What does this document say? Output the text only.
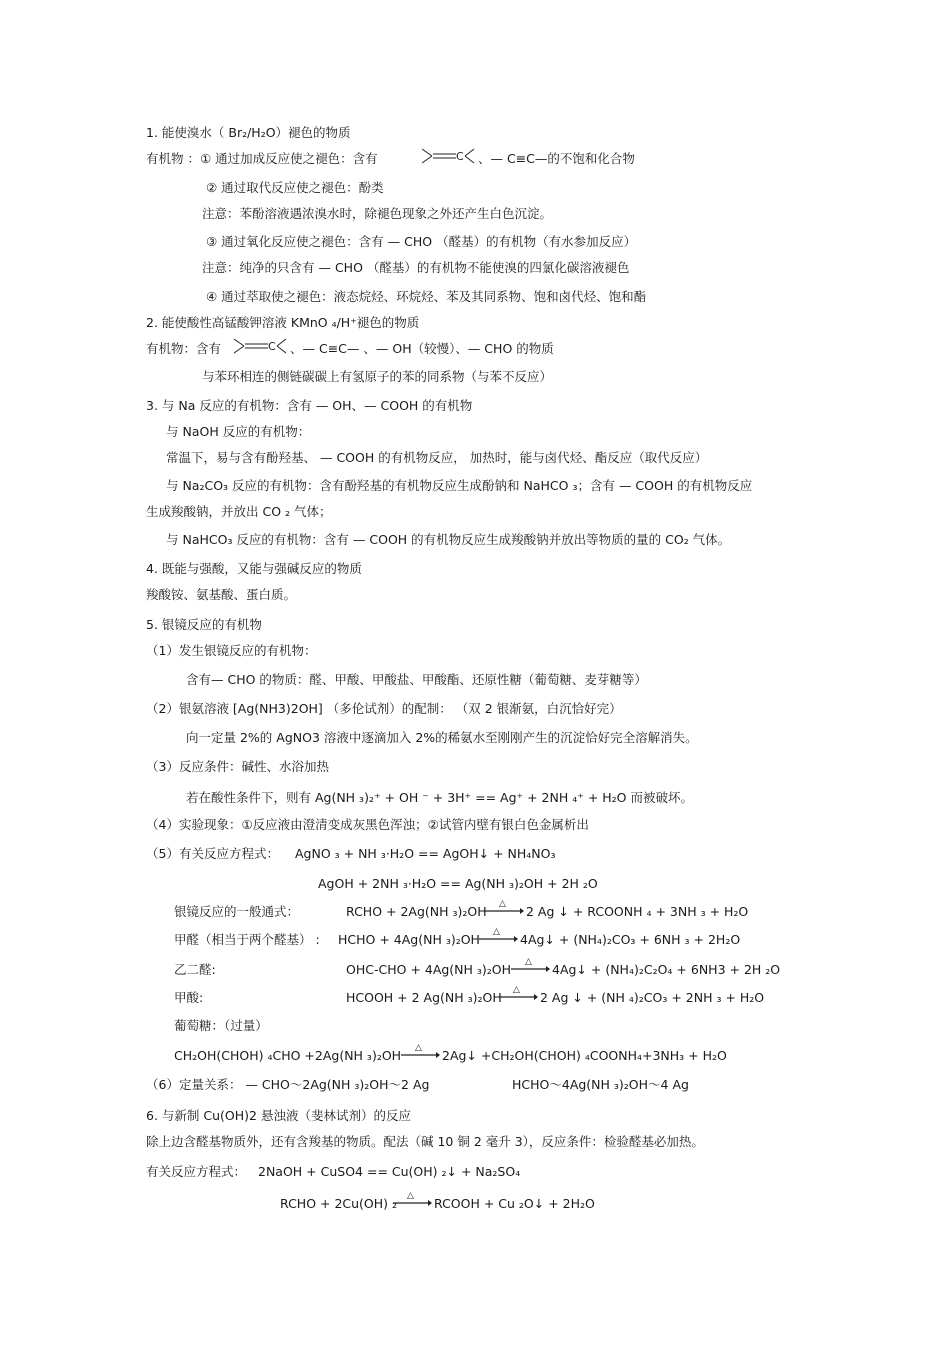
1. 能使溴水（ Br₂/H₂O）褪色的物质
有机物 ：① 通过加成反应使之褪色：含有	C 、— C≡C—的不饱和化合物
② 通过取代反应使之褪色：酚类
注意：苯酚溶液遇浓溴水时，除褪色现象之外还产生白色沉淀。
③ 通过氧化反应使之褪色：含有 — CHO （醛基）的有机物（有水参加反应）
注意：纯净的只含有 — CHO （醛基）的有机物不能使溴的四氯化碳溶液褪色
④ 通过萃取使之褪色：液态烷烃、环烷烃、苯及其同系物、饱和卤代烃、饱和酯
2. 能使酸性高锰酸钾溶液 KMnO ₄/H⁺褪色的物质
有机物：含有	C 、— C≡C— 、— OH（较慢）、— CHO 的物质
与苯环相连的侧链碳碳上有氢原子的苯的同系物（与苯不反应）
3. 与 Na 反应的有机物：含有 — OH、— COOH 的有机物
与 NaOH 反应的有机物：
常温下，易与含有酚羟基、 — COOH 的有机物反应， 加热时，能与卤代烃、酯反应（取代反应）
与 Na₂CO₃ 反应的有机物：含有酚羟基的有机物反应生成酚钠和 NaHCO ₃；含有 — COOH 的有机物反应
生成羧酸钠，并放出 CO ₂ 气体；
与 NaHCO₃ 反应的有机物：含有 — COOH 的有机物反应生成羧酸钠并放出等物质的量的 CO₂ 气体。
4. 既能与强酸，又能与强碱反应的物质
羧酸铵、氨基酸、蛋白质。
5. 银镜反应的有机物
（1）发生银镜反应的有机物：
含有— CHO 的物质：醛、甲酸、甲酸盐、甲酸酯、还原性糖（葡萄糖、麦芽糖等）
（2）银氨溶液 [Ag(NH3)2OH] （多伦试剂）的配制： （双 2 银渐氨，白沉恰好完）
向一定量 2%的 AgNO3 溶液中逐滴加入 2%的稀氨水至刚刚产生的沉淀恰好完全溶解消失。
（3）反应条件：碱性、水浴加热
若在酸性条件下，则有 Ag(NH ₃)₂⁺ + OH ⁻ + 3H⁺ == Ag⁺ + 2NH ₄⁺ + H₂O 而被破坏。
（4）实验现象：①反应液由澄清变成灰黑色浑浊；②试管内壁有银白色金属析出
（5）有关反应方程式： AgNO ₃ + NH ₃·H₂O == AgOH↓ + NH₄NO₃
AgOH + 2NH ₃·H₂O == Ag(NH ₃)₂OH + 2H ₂O
银镜反应的一般通式：	RCHO + 2Ag(NH ₃)₂OH △ 2 Ag ↓ + RCOONH ₄ + 3NH ₃ + H₂O
甲醛（相当于两个醛基） : HCHO + 4Ag(NH ₃)₂OH △ 4Ag↓ + (NH₄)₂CO₃ + 6NH ₃ + 2H₂O
乙二醛:	OHC-CHO + 4Ag(NH ₃)₂OH △ 4Ag↓ + (NH₄)₂C₂O₄ + 6NH3 + 2H ₂O
甲酸:	HCOOH + 2 Ag(NH ₃)₂OH △ 2 Ag ↓ + (NH ₄)₂CO₃ + 2NH ₃ + H₂O
葡萄糖：（过量）
CH₂OH(CHOH) ₄CHO +2Ag(NH ₃)₂OH △ 2Ag↓ +CH₂OH(CHOH) ₄COONH₄+3NH₃ + H₂O
（6）定量关系： — CHO～2Ag(NH ₃)₂OH～2 Ag	HCHO～4Ag(NH ₃)₂OH～4 Ag
6. 与新制 Cu(OH)2 悬浊液（斐林试剂）的反应
除上边含醛基物质外，还有含羧基的物质。配法（碱 10 铜 2 毫升 3），反应条件：检验醛基必加热。
有关反应方程式： 2NaOH + CuSO4 == Cu(OH) ₂↓ + Na₂SO₄
RCHO + 2Cu(OH) ₂ △ RCOOH + Cu ₂O↓ + 2H₂O
